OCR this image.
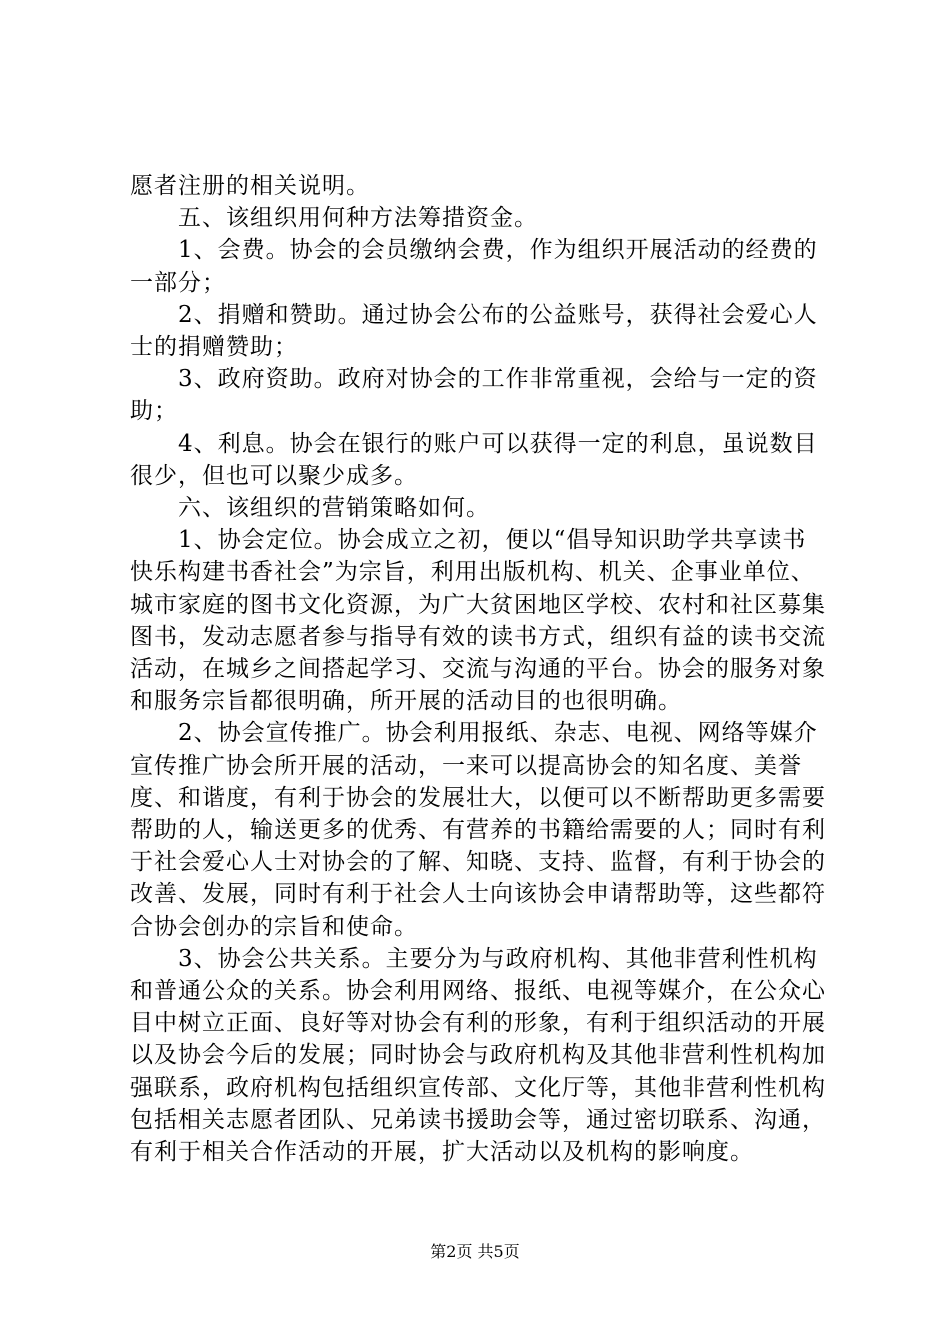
愿者注册的相关说明。

五、该组织用何种方法筹措资金。

1、会费。协会的会员缴纳会费，作为组织开展活动的经费的一部分；

2、捐赠和赞助。通过协会公布的公益账号，获得社会爱心人士的捐赠赞助；

3、政府资助。政府对协会的工作非常重视，会给与一定的资助；

4、利息。协会在银行的账户可以获得一定的利息，虽说数目很少，但也可以聚少成多。

六、该组织的营销策略如何。

1、协会定位。协会成立之初，便以“倡导知识助学共享读书快乐构建书香社会”为宗旨，利用出版机构、机关、企事业单位、城市家庭的图书文化资源，为广大贫困地区学校、农村和社区募集图书，发动志愿者参与指导有效的读书方式，组织有益的读书交流活动，在城乡之间搭起学习、交流与沟通的平台。协会的服务对象和服务宗旨都很明确，所开展的活动目的也很明确。

2、协会宣传推广。协会利用报纸、杂志、电视、网络等媒介宣传推广协会所开展的活动，一来可以提高协会的知名度、美誉度、和谐度，有利于协会的发展壮大，以便可以不断帮助更多需要帮助的人，输送更多的优秀、有营养的书籍给需要的人；同时有利于社会爱心人士对协会的了解、知晓、支持、监督，有利于协会的改善、发展，同时有利于社会人士向该协会申请帮助等，这些都符合协会创办的宗旨和使命。

3、协会公共关系。主要分为与政府机构、其他非营利性机构和普通公众的关系。协会利用网络、报纸、电视等媒介，在公众心目中树立正面、良好等对协会有利的形象，有利于组织活动的开展以及协会今后的发展；同时协会与政府机构及其他非营利性机构加强联系，政府机构包括组织宣传部、文化厅等，其他非营利性机构包括相关志愿者团队、兄弟读书援助会等，通过密切联系、沟通，有利于相关合作活动的开展，扩大活动以及机构的影响度。

第2页 共5页
